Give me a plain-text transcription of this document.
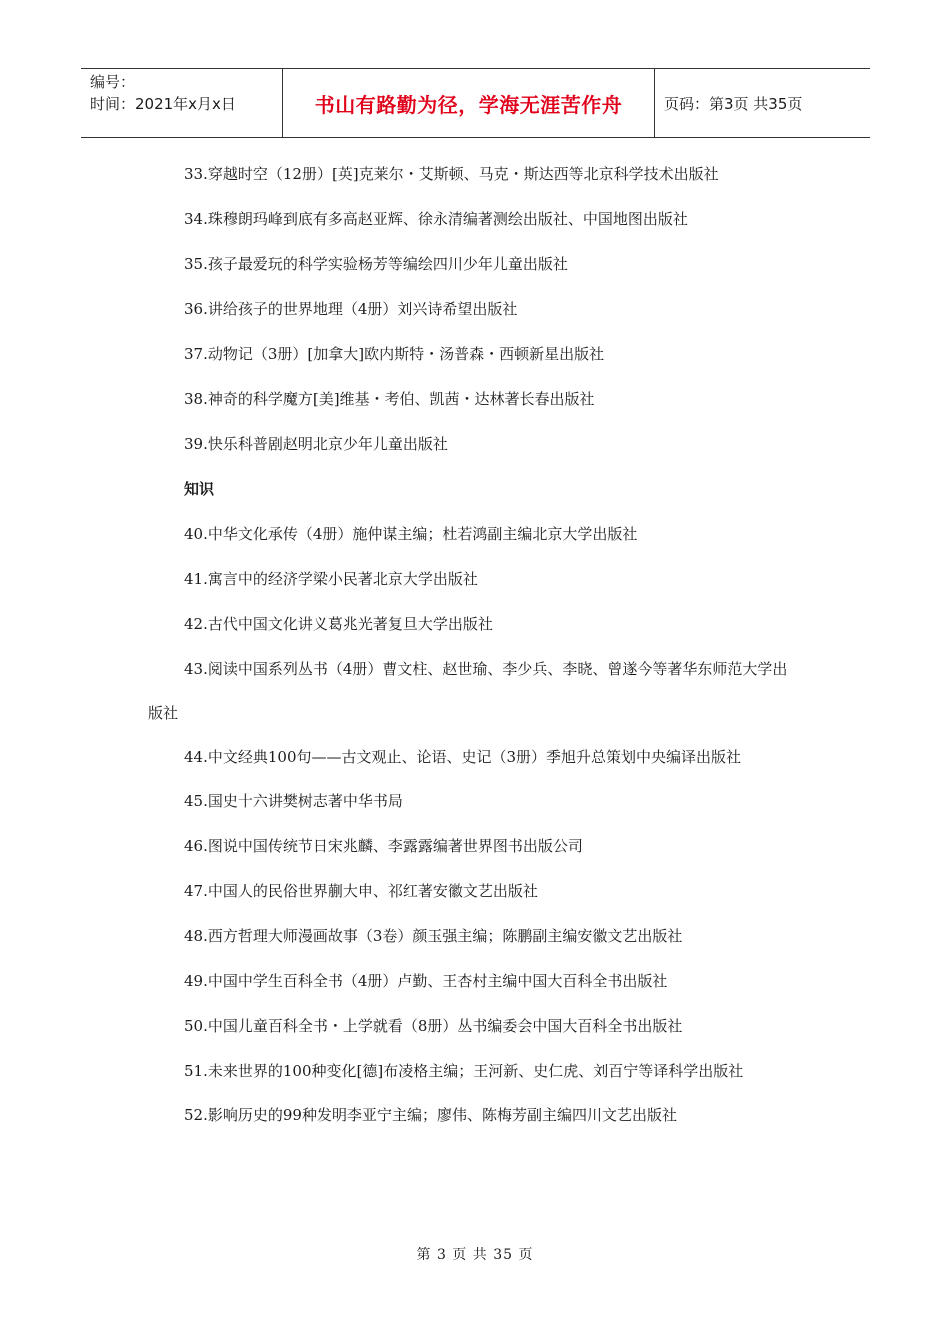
编号：
时间：2021年x月x日	书山有路勤为径，学海无涯苦作舟	页码：第3页 共35页

33.穿越时空（12册）[英]克莱尔・艾斯顿、马克・斯达西等北京科学技术出版社

34.珠穆朗玛峰到底有多高赵亚辉、徐永清编著测绘出版社、中国地图出版社

35.孩子最爱玩的科学实验杨芳等编绘四川少年儿童出版社

36.讲给孩子的世界地理（4册）刘兴诗希望出版社

37.动物记（3册）[加拿大]欧内斯特・汤普森・西顿新星出版社

38.神奇的科学魔方[美]维基・考伯、凯茜・达林著长春出版社

39.快乐科普剧赵明北京少年儿童出版社

知识

40.中华文化承传（4册）施仲谋主编；杜若鸿副主编北京大学出版社

41.寓言中的经济学梁小民著北京大学出版社

42.古代中国文化讲义葛兆光著复旦大学出版社

43.阅读中国系列丛书（4册）曹文柱、赵世瑜、李少兵、李晓、曾遂今等著华东师范大学出版社

44.中文经典100句——古文观止、论语、史记（3册）季旭升总策划中央编译出版社

45.国史十六讲樊树志著中华书局

46.图说中国传统节日宋兆麟、李露露编著世界图书出版公司

47.中国人的民俗世界蒯大申、祁红著安徽文艺出版社

48.西方哲理大师漫画故事（3卷）颜玉强主编；陈鹏副主编安徽文艺出版社

49.中国中学生百科全书（4册）卢勤、王杏村主编中国大百科全书出版社

50.中国儿童百科全书・上学就看（8册）丛书编委会中国大百科全书出版社

51.未来世界的100种变化[德]布凌格主编；王河新、史仁虎、刘百宁等译科学出版社

52.影响历史的99种发明李亚宁主编；廖伟、陈梅芳副主编四川文艺出版社

第 3 页 共 35 页
